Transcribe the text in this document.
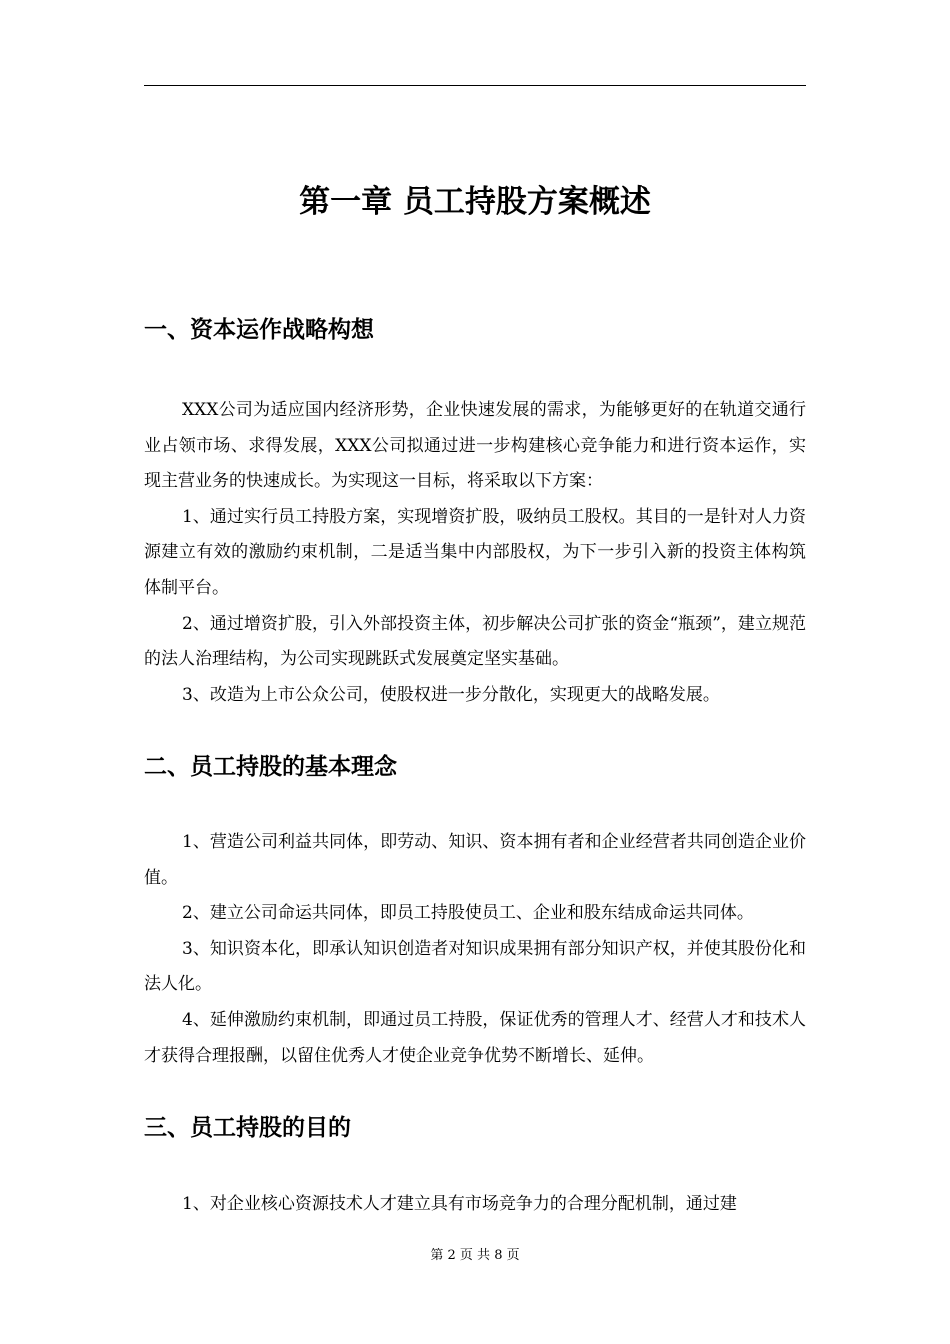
第一章 员工持股方案概述
一、资本运作战略构想

XXX公司为适应国内经济形势，企业快速发展的需求，为能够更好的在轨道交通行业占领市场、求得发展，XXX公司拟通过进一步构建核心竞争能力和进行资本运作，实现主营业务的快速成长。为实现这一目标，将采取以下方案：

1、通过实行员工持股方案，实现增资扩股，吸纳员工股权。其目的一是针对人力资源建立有效的激励约束机制，二是适当集中内部股权，为下一步引入新的投资主体构筑体制平台。

2、通过增资扩股，引入外部投资主体，初步解决公司扩张的资金“瓶颈”，建立规范的法人治理结构，为公司实现跳跃式发展奠定坚实基础。

3、改造为上市公众公司，使股权进一步分散化，实现更大的战略发展。

二、员工持股的基本理念

1、营造公司利益共同体，即劳动、知识、资本拥有者和企业经营者共同创造企业价值。

2、建立公司命运共同体，即员工持股使员工、企业和股东结成命运共同体。

3、知识资本化，即承认知识创造者对知识成果拥有部分知识产权，并使其股份化和法人化。

4、延伸激励约束机制，即通过员工持股，保证优秀的管理人才、经营人才和技术人才获得合理报酬，以留住优秀人才使企业竞争优势不断增长、延伸。

三、员工持股的目的

1、对企业核心资源技术人才建立具有市场竞争力的合理分配机制，通过建

第 2 页 共 8 页
